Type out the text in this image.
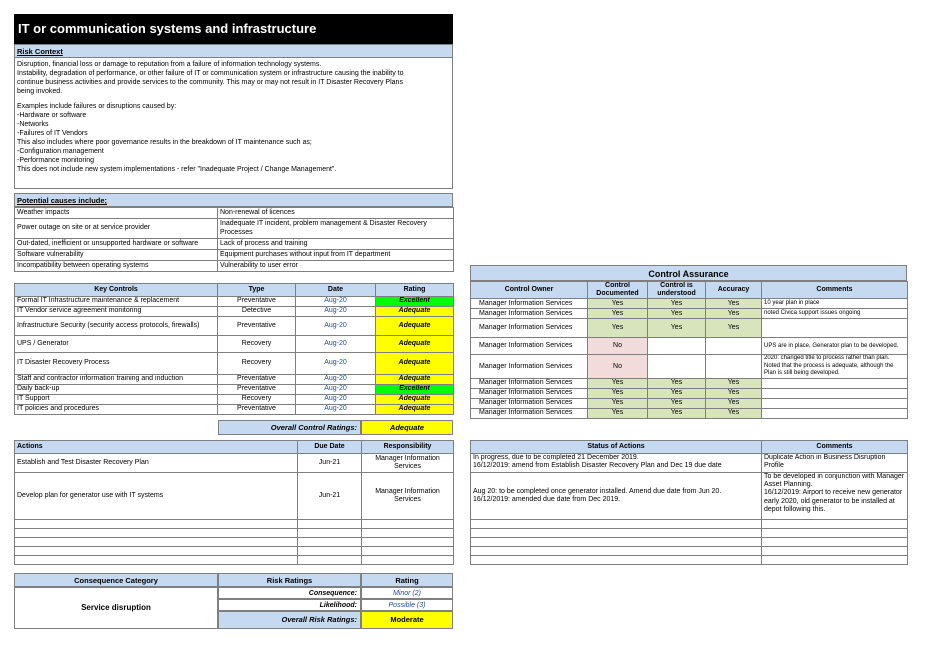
IT or communication systems and infrastructure
Risk Context
Disruption, financial loss or damage to reputation from a failure of information technology systems.
Instability, degradation of performance, or other failure of IT or communication system or infrastructure causing the inability to
continue business activities and provide services to the community. This may or may not result in IT Disaster Recovery Plans
being invoked.
Examples include failures or disruptions caused by:
-Hardware or software
-Networks
-Failures of IT Vendors
This also includes where poor governance results in the breakdown of IT maintenance such as;
-Configuration management
-Performance monitoring
This does not include new system implementations - refer "Inadequate Project / Change Management".
Potential causes include;
Weather impacts	Non-renewal of licences
Power outage on site or at service provider	Inadequate IT incident, problem management & Disaster Recovery Processes
Out-dated, inefficient or unsupported hardware or software	Lack of process and training
Software vulnerability	Equipment purchases without input from IT department
Incompatibility between operating systems	Vulnerability to user error
Key Controls	Type	Date	Rating
Formal IT Infrastructure maintenance & replacement	Preventative	Aug-20	Excellent
IT Vendor service agreement monitoring	Detective	Aug-20	Adequate
Infrastructure Security (security access protocols, firewalls)	Preventative	Aug-20	Adequate
UPS / Generator	Recovery	Aug-20	Adequate
IT Disaster Recovery Process	Recovery	Aug-20	Adequate
Staff and contractor information training and induction	Preventative	Aug-20	Adequate
Daily back-up	Preventative	Aug-20	Excellent
IT Support	Recovery	Aug-20	Adequate
IT policies and procedures	Preventative	Aug-20	Adequate
Overall Control Ratings:	Adequate
Control Assurance
Control Owner	Control Documented	Control is understood	Accuracy	Comments
Manager Information Services	Yes	Yes	Yes	10 year plan in place
Manager Information Services	Yes	Yes	Yes	noted Civica support issues ongoing
Manager Information Services	Yes	Yes	Yes	
Manager Information Services	No			UPS are in place, Generator plan to be developed.
Manager Information Services	No			2020: changed title to process rather than plan. Noted that the process is adequate, although the Plan is still being developed.
Manager Information Services	Yes	Yes	Yes	
Manager Information Services	Yes	Yes	Yes	
Manager Information Services	Yes	Yes	Yes	
Manager Information Services	Yes	Yes	Yes	
Actions	Due Date	Responsibility
Establish and Test Disaster Recovery Plan	Jun-21	Manager Information Services
Develop plan for generator use with IT systems	Jun-21	Manager Information Services

Status of Actions	Comments
In progress, due to be completed 21 December 2019.
16/12/2019: amend from Establish Disaster Recovery Plan and Dec 19 due date	Duplicate Action in Business Disruption Profile
Aug 20: to be completed once generator installed. Amend due date from Jun 20.
16/12/2019: amended due date from Dec 2019.	To be developed in conjunction with Manager Asset Planning.
16/12/2019: Airport to receive new generator early 2020, old generator to be installed at depot following this.

Consequence Category	Risk Ratings	Rating
Service disruption
Consequence:	Minor (2)
Likelihood:	Possible (3)
Overall Risk Ratings:	Moderate
